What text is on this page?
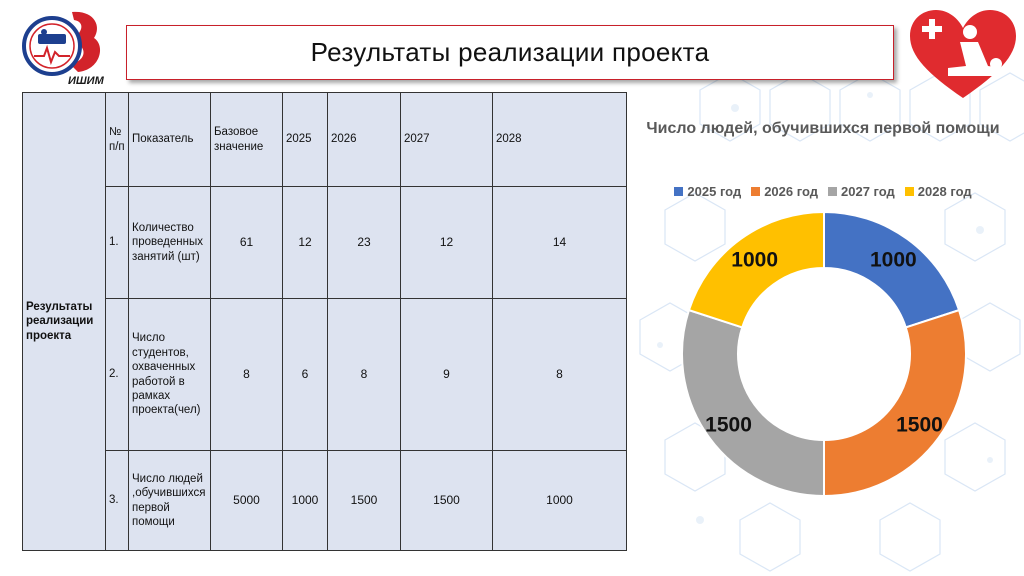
ИШИМ
Результаты реализации проекта
Результаты реализации проекта	№ п/п	Показатель	Базовое значение	2025	2026	2027	2028
	1.	Количество проведенных занятий (шт)	61	12	23	12	14
	2.	Число студентов, охваченных работой в рамках проекта(чел)	8	6	8	9	8
	3.	Число людей ,обучившихся первой помощи	5000	1000	1500	1500	1000
Число людей, обучившихся первой помощи
2025 год 2026 год 2027 год 2028 год
1000
1500
1500
1000
